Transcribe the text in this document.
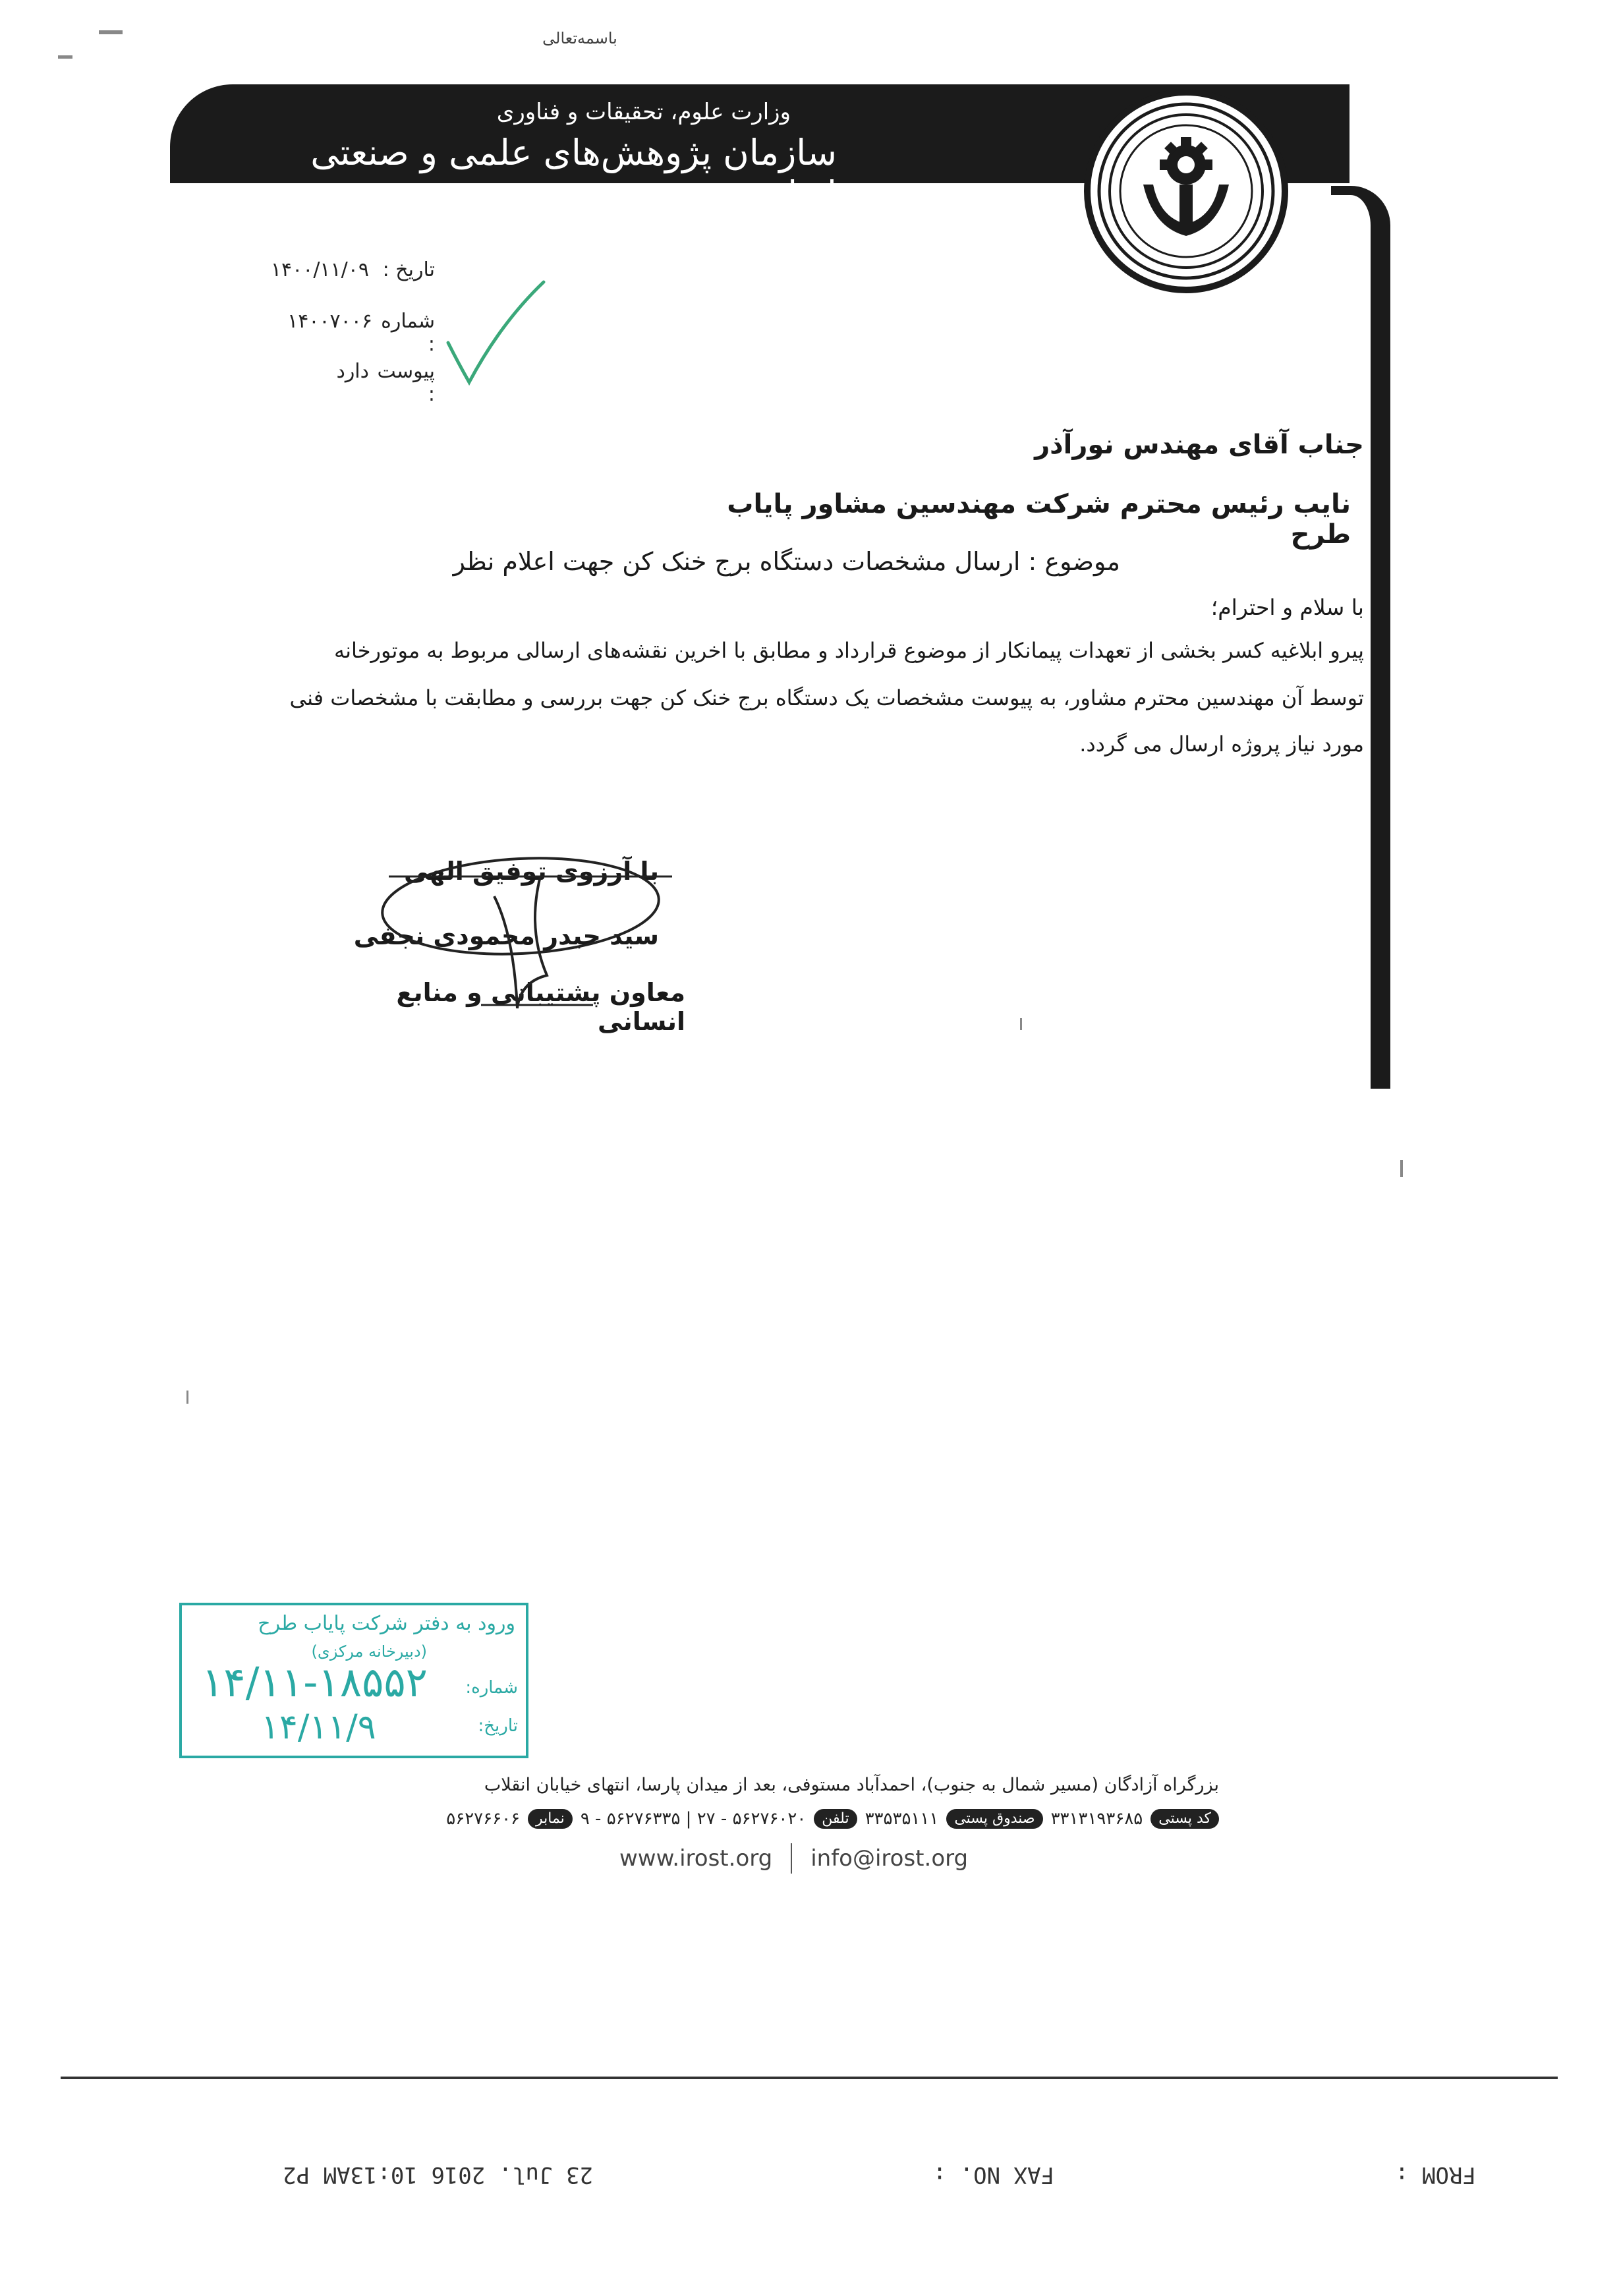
باسمه‌تعالی
وزارت علوم، تحقیقات و فناوری
سازمان پژوهش‌های علمی و صنعتی ایران
تاریخ :
۱۴۰۰/۱۱/۰۹
شماره :
۱۴۰۰۷۰۰۶
پیوست :
دارد
جناب آقای مهندس نورآذر
نایب رئیس محترم شرکت مهندسین مشاور پایاب طرح
موضوع : ارسال مشخصات دستگاه برج خنک کن جهت اعلام نظر
با سلام و احترام؛
پیرو ابلاغیه کسر بخشی از تعهدات پیمانکار از موضوع قرارداد و مطابق با اخرین نقشه‌های ارسالی مربوط به موتورخانه
توسط آن مهندسین محترم مشاور، به پیوست مشخصات یک دستگاه برج خنک کن جهت بررسی و مطابقت با مشخصات فنی
مورد نیاز پروژه ارسال می گردد.
با آرزوی توفیق الهی
سید حیدر محمودی نجفی
معاون پشتیبانی و منابع انسانی
ورود به دفتر شرکت پایاب طرح
(دبیرخانه مرکزی)
شماره:
تاریخ:
۱۴/۱۱-۱۸۵۵۲
۱۴/۱۱/۹
بزرگراه آزادگان (مسیر شمال به جنوب)، احمدآباد مستوفی، بعد از میدان پارسا، انتهای خیابان انقلاب
کد پستی
۳۳۱۳۱۹۳۶۸۵
صندوق پستی
۳۳۵۳۵۱۱۱
تلفن
۵۶۲۷۶۰۲۰ - ۲۷ | ۵۶۲۷۶۳۳۵ - ۹
نمابر
۵۶۲۷۶۶۰۶
www.irost.org info@irost.org
FROM :
FAX NO. :
23 Jul. 2016 10:13AM P2
